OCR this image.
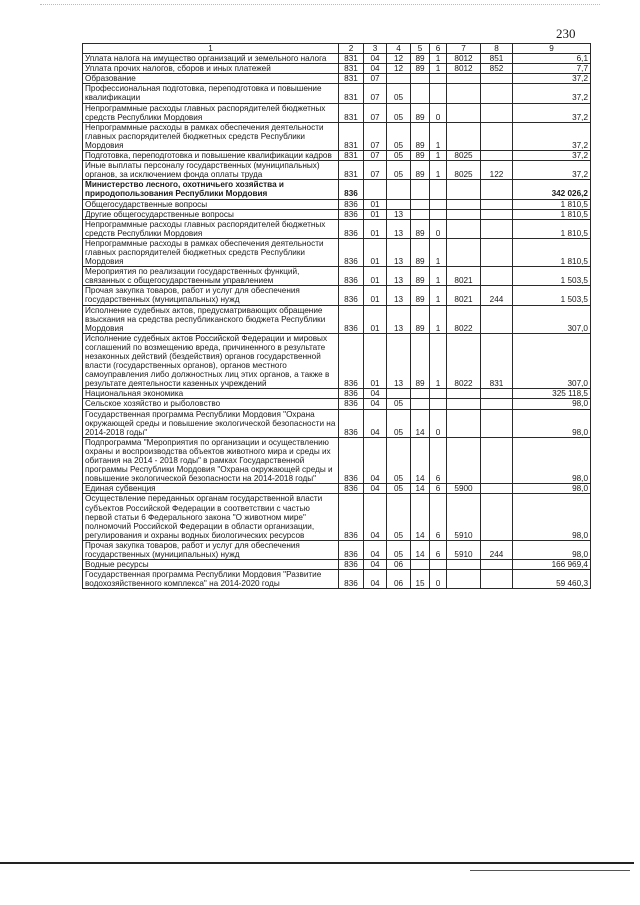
230
1	2	3	4	5	6	7	8	9
Уплата налога на имущество организаций и земельного налога	831	04	12	89	1	8012	851	6,1
Уплата прочих налогов, сборов и иных платежей	831	04	12	89	1	8012	852	7,7
Образование	831	07						37,2
Профессиональная подготовка, переподготовка и повышение квалификации	831	07	05					37,2
Непрограммные расходы главных распорядителей бюджетных средств Республики Мордовия	831	07	05	89	0			37,2
Непрограммные расходы в рамках обеспечения деятельности главных распорядителей бюджетных средств Республики Мордовия	831	07	05	89	1			37,2
Подготовка, переподготовка и повышение квалификации кадров	831	07	05	89	1	8025		37,2
Иные выплаты персоналу государственных (муниципальных) органов, за исключением фонда оплаты труда	831	07	05	89	1	8025	122	37,2
Министерство лесного, охотничьего хозяйства и природопользования Республики Мордовия	836							342 026,2
Общегосударственные вопросы	836	01						1 810,5
Другие общегосударственные вопросы	836	01	13					1 810,5
Непрограммные расходы главных распорядителей бюджетных средств Республики Мордовия	836	01	13	89	0			1 810,5
Непрограммные расходы в рамках обеспечения деятельности главных распорядителей бюджетных средств Республики Мордовия	836	01	13	89	1			1 810,5
Мероприятия по реализации государственных функций, связанных с общегосударственным управлением	836	01	13	89	1	8021		1 503,5
Прочая закупка товаров, работ и услуг для обеспечения государственных (муниципальных) нужд	836	01	13	89	1	8021	244	1 503,5
Исполнение судебных актов, предусматривающих обращение взыскания на средства республиканского бюджета Республики Мордовия	836	01	13	89	1	8022		307,0
Исполнение судебных актов Российской Федерации и мировых соглашений по возмещению вреда, причиненного в результате незаконных действий (бездействия) органов государственной власти (государственных органов), органов местного самоуправления либо должностных лиц этих органов, а также в результате деятельности казенных учреждений	836	01	13	89	1	8022	831	307,0
Национальная экономика	836	04						325 118,5
Сельское хозяйство и рыболовство	836	04	05					98,0
Государственная программа Республики Мордовия "Охрана окружающей среды и повышение экологической безопасности на 2014-2018 годы"	836	04	05	14	0			98,0
Подпрограмма "Мероприятия по организации и осуществлению охраны и воспроизводства объектов животного мира и среды их обитания на 2014 - 2018 годы" в рамках Государственной программы Республики Мордовия "Охрана окружающей среды и повышение экологической безопасности на 2014-2018 годы"	836	04	05	14	6			98,0
Единая субвенция	836	04	05	14	6	5900		98,0
Осуществление переданных органам государственной власти субъектов Российской Федерации в соответствии с частью первой статьи 6 Федерального закона "О животном мире" полномочий Российской Федерации в области организации, регулирования и охраны водных биологических ресурсов	836	04	05	14	6	5910		98,0
Прочая закупка товаров, работ и услуг для обеспечения государственных (муниципальных) нужд	836	04	05	14	6	5910	244	98,0
Водные ресурсы	836	04	06					166 969,4
Государственная программа Республики Мордовия "Развитие водохозяйственного комплекса" на 2014-2020 годы	836	04	06	15	0			59 460,3
